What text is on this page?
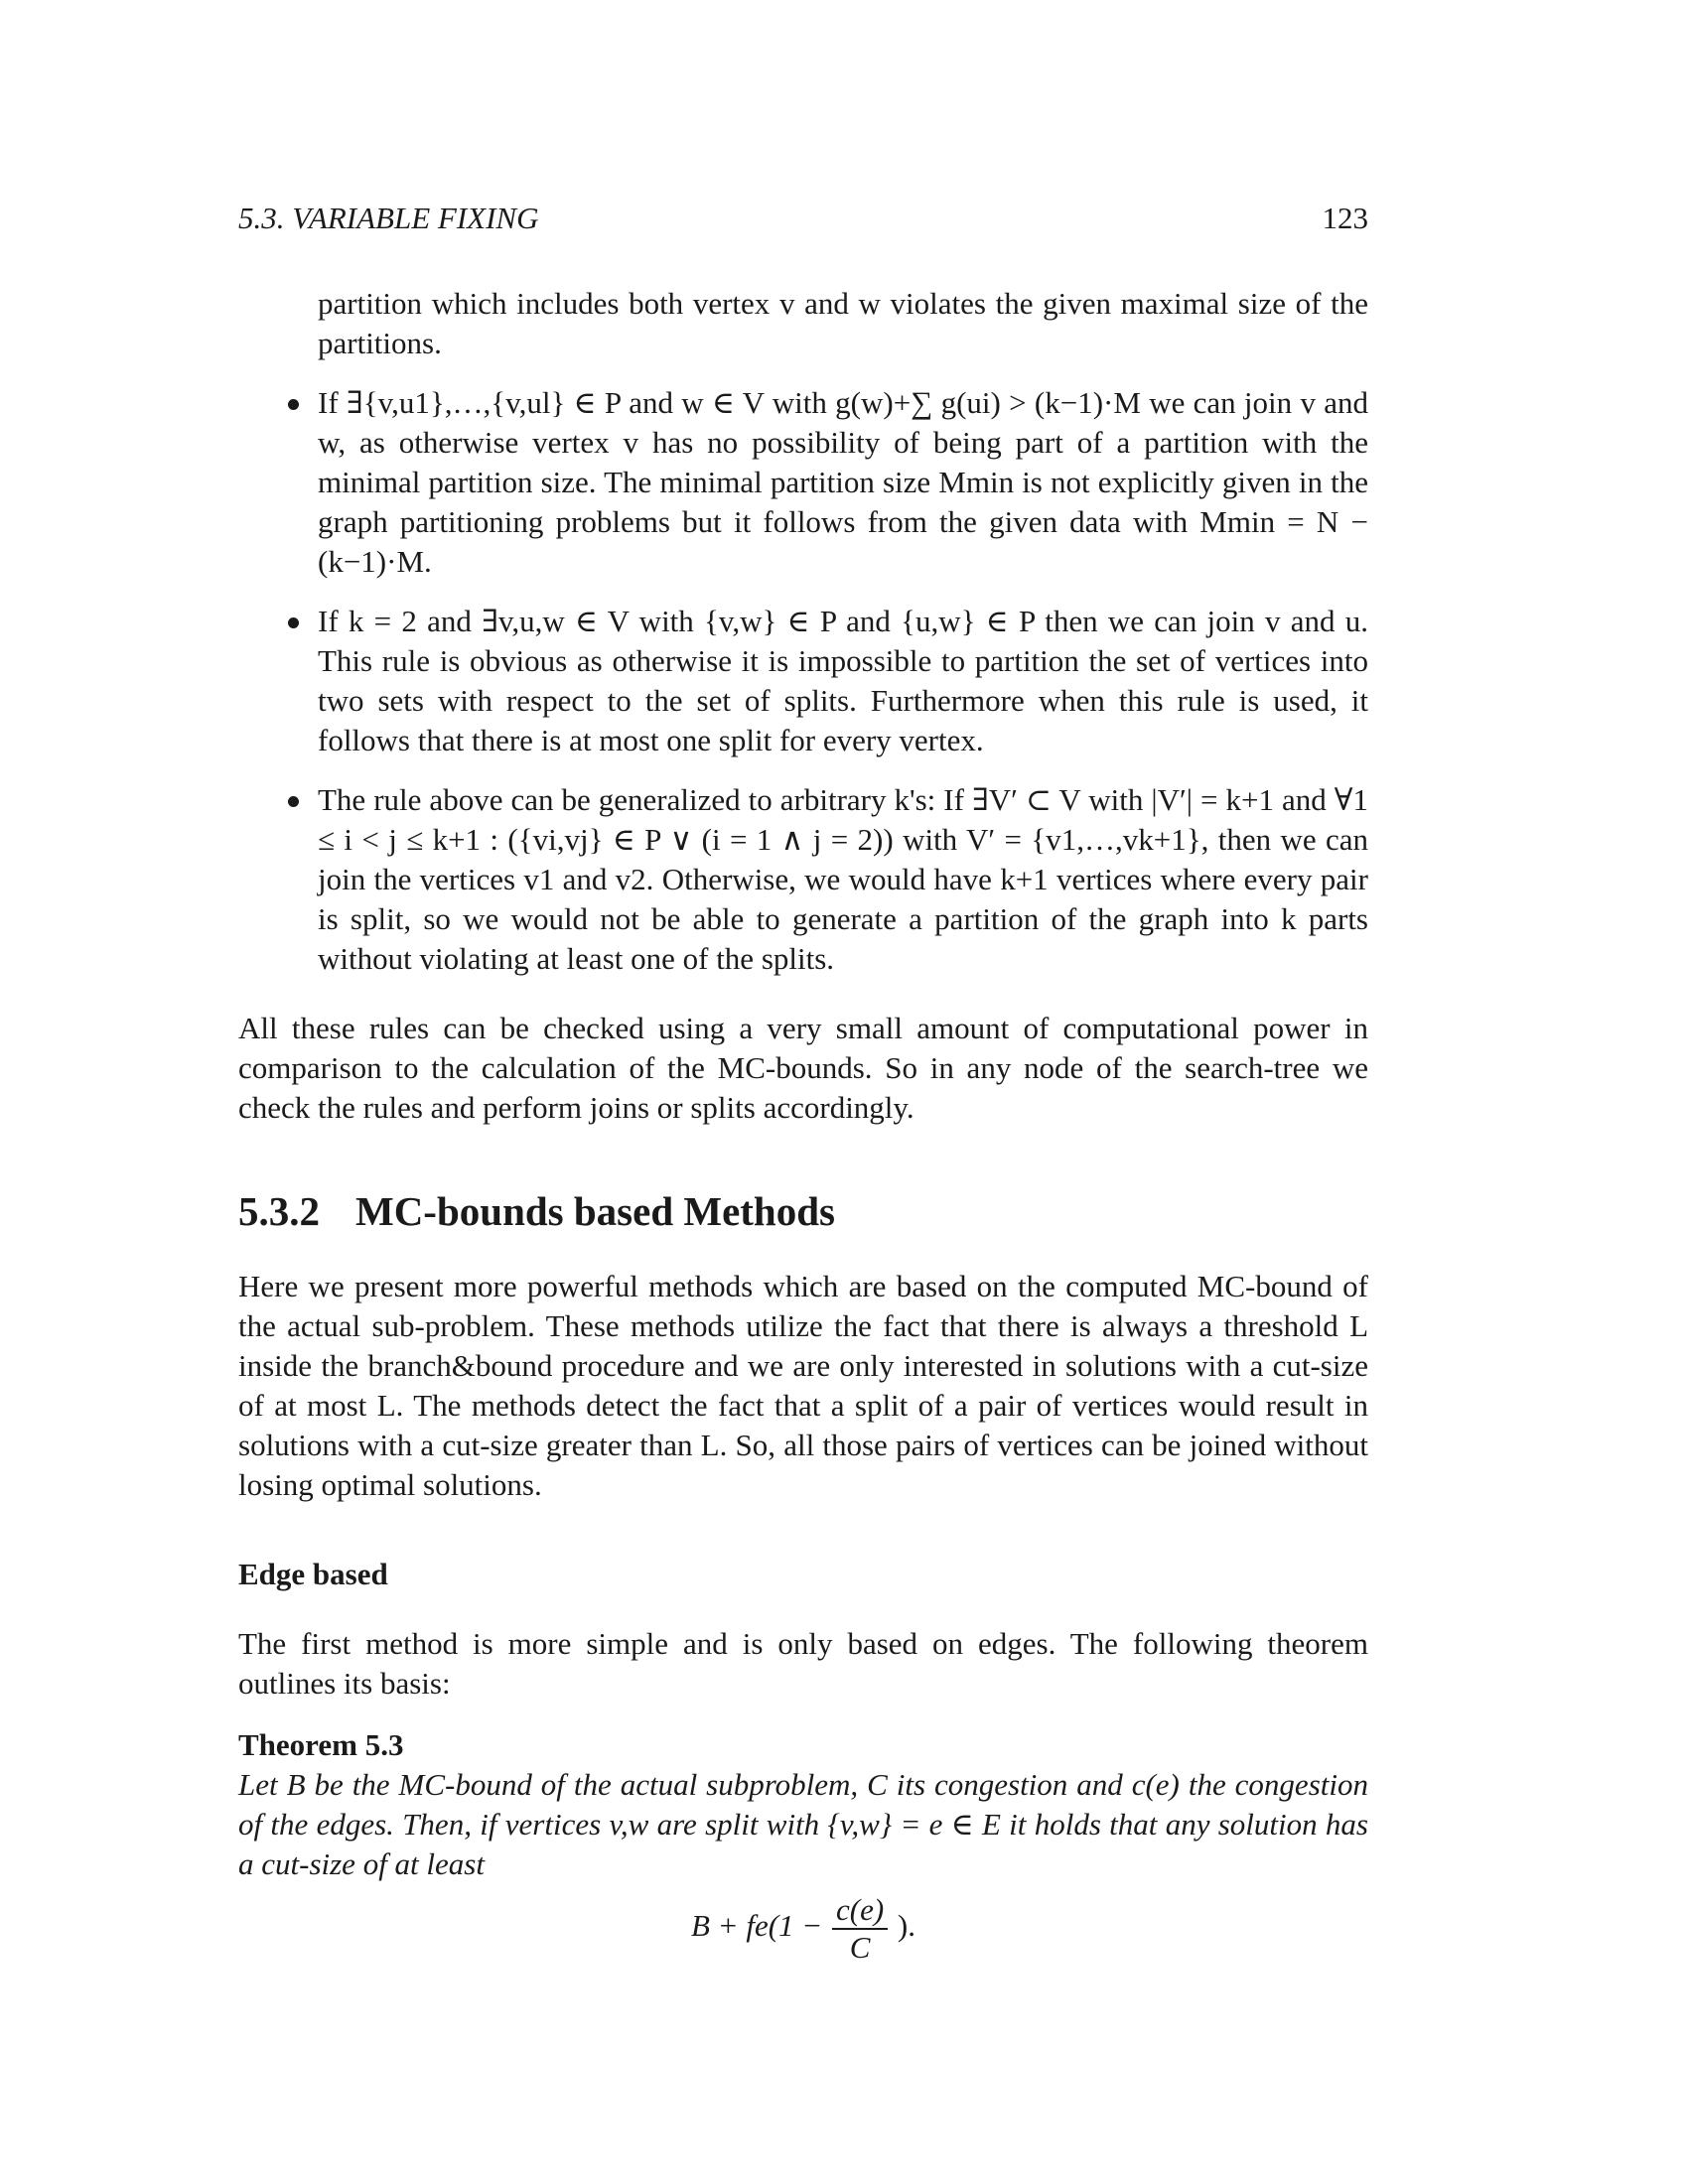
5.3. VARIABLE FIXING	123
partition which includes both vertex v and w violates the given maximal size of the partitions.
If ∃{v,u1},…,{v,ul} ∈ P and w ∈ V with g(w)+∑ g(ui) > (k−1)·M we can join v and w, as otherwise vertex v has no possibility of being part of a partition with the minimal partition size. The minimal partition size Mmin is not explicitly given in the graph partitioning problems but it follows from the given data with Mmin = N − (k−1)·M.
If k = 2 and ∃v,u,w ∈ V with {v,w} ∈ P and {u,w} ∈ P then we can join v and u. This rule is obvious as otherwise it is impossible to partition the set of vertices into two sets with respect to the set of splits. Furthermore when this rule is used, it follows that there is at most one split for every vertex.
The rule above can be generalized to arbitrary k's: If ∃V′ ⊂ V with |V′| = k+1 and ∀1 ≤ i < j ≤ k+1 : ({vi,vj} ∈ P ∨ (i = 1 ∧ j = 2)) with V′ = {v1,…,vk+1}, then we can join the vertices v1 and v2. Otherwise, we would have k+1 vertices where every pair is split, so we would not be able to generate a partition of the graph into k parts without violating at least one of the splits.

All these rules can be checked using a very small amount of computational power in comparison to the calculation of the MC-bounds. So in any node of the search-tree we check the rules and perform joins or splits accordingly.

5.3.2 MC-bounds based Methods

Here we present more powerful methods which are based on the computed MC-bound of the actual sub-problem. These methods utilize the fact that there is always a threshold L inside the branch&bound procedure and we are only interested in solutions with a cut-size of at most L. The methods detect the fact that a split of a pair of vertices would result in solutions with a cut-size greater than L. So, all those pairs of vertices can be joined without losing optimal solutions.

Edge based

The first method is more simple and is only based on edges. The following theorem outlines its basis:

Theorem 5.3
Let B be the MC-bound of the actual subproblem, C its congestion and c(e) the congestion of the edges. Then, if vertices v,w are split with {v,w} = e ∈ E it holds that any solution has a cut-size of at least
$B + fe(1 - \frac{c(e)}{C}$ ).
